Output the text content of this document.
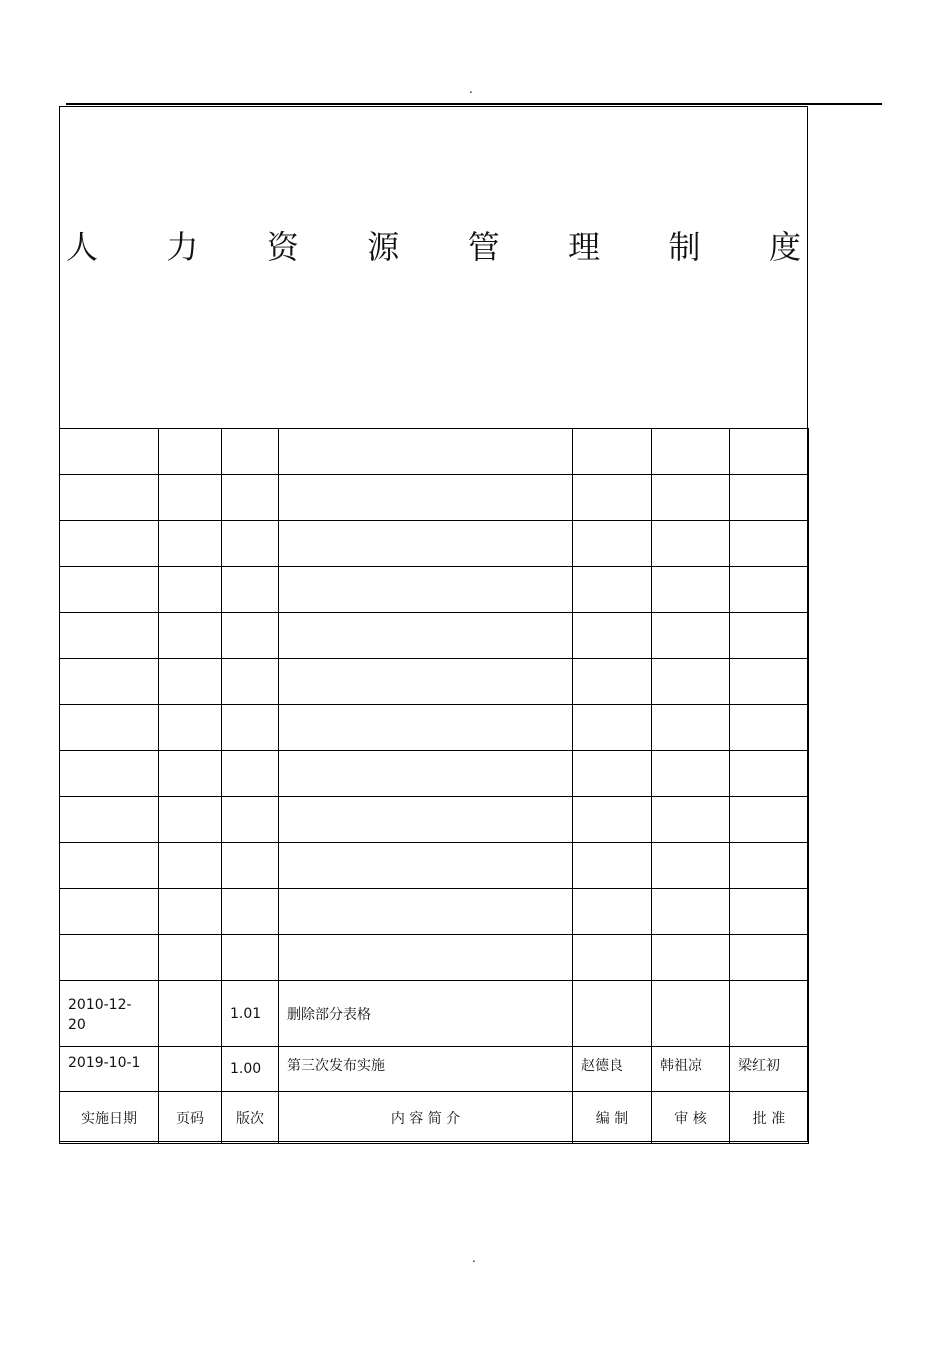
.
人 力 资 源 管 理 制 度

2010-12-20		1.01	删除部分表格			
2019-10-1		1.00	第三次发布实施	赵德良	韩祖凉	梁红初
实施日期	页码	版次	内 容 简 介	编 制	审 核	批 准
.
